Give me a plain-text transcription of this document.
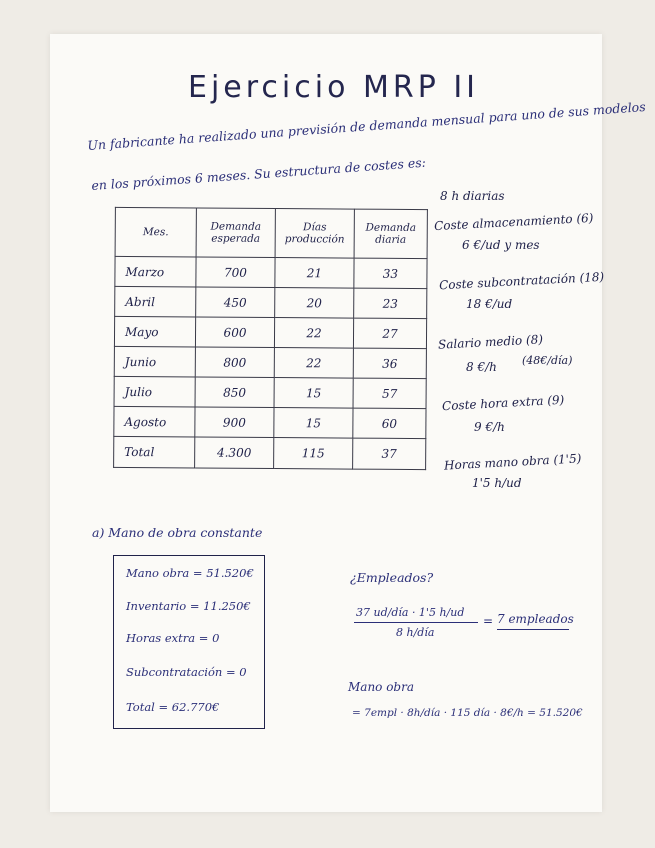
Ejercicio MRP II
Un fabricante ha realizado una previsión de demanda mensual para uno de sus modelos
en los próximos 6 meses. Su estructura de costes es:
Mes.	Demanda esperada	Días producción	Demanda diaria
Marzo	700	21	33
Abril	450	20	23
Mayo	600	22	27
Junio	800	22	36
Julio	850	15	57
Agosto	900	15	60
Total	4.300	115	37
8 h diarias
Coste almacenamiento (6)
6 €/ud y mes
Coste subcontratación (18)
18 €/ud
Salario medio (8)
8 €/h (48€/día)
Coste hora extra (9)
9 €/h
Horas mano obra (1'5)
1'5 h/ud
a) Mano de obra constante
Mano obra = 51.520€
Inventario = 11.250€
Horas extra = 0
Subcontratación = 0
Total = 62.770€
¿Empleados?
37 ud/día · 1'5 h/ud
8 h/día
= 7 empleados
Mano obra
= 7empl · 8h/día · 115 día · 8€/h = 51.520€
